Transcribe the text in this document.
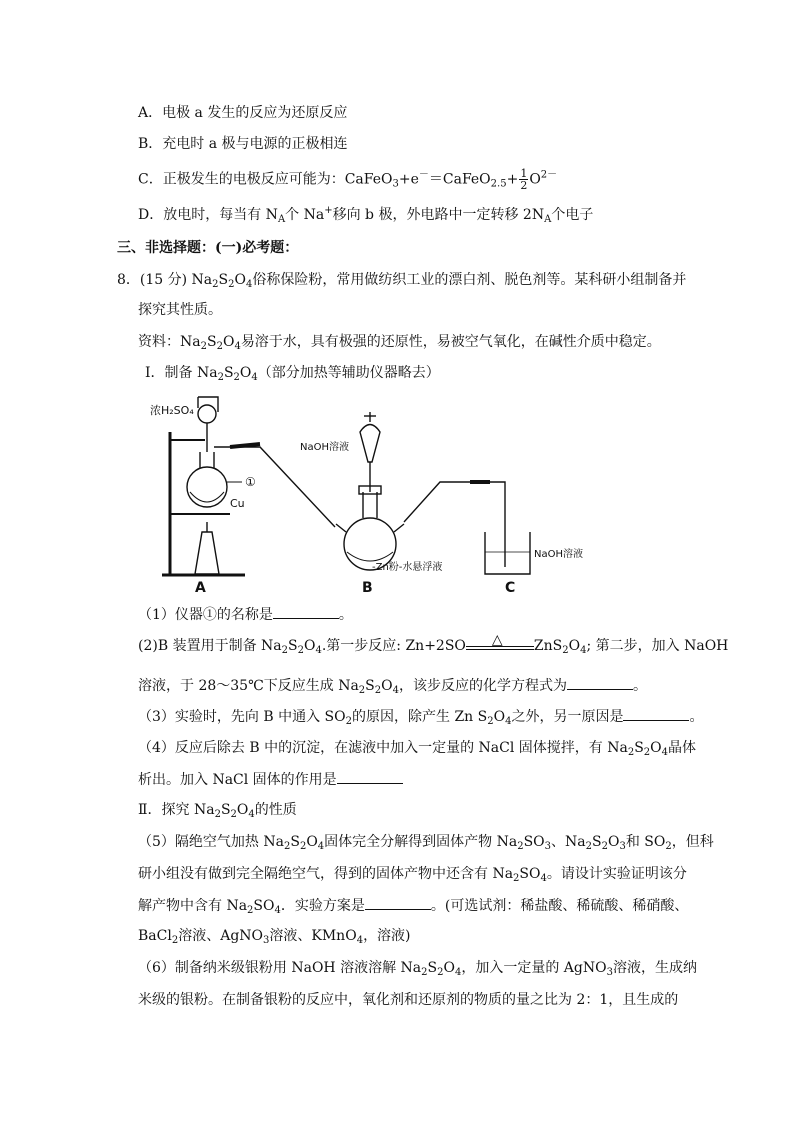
A．电极 a 发生的反应为还原反应
B．充电时 a 极与电源的正极相连
C．正极发生的电极反应可能为：CaFeO$_3$+e－＝CaFeO$_{2.5}$+ $\frac{1}{2} O^{2-}$
D．放电时，每当有 $N_A$个 Na+移向 b 极，外电路中一定转移 $2N_A$个电子
三、非选择题：(一)必考题：
8．(15 分) $Na_2S_2O_4$俗称保险粉，常用做纺织工业的漂白剂、脱色剂等。某科研小组制备并
探究其性质。
资料：$Na_2S_2O_4$易溶于水，具有极强的还原性，易被空气氧化，在碱性介质中稳定。
Ⅰ．制备 $Na_2S_2O_4$（部分加热等辅助仪器略去）
浓H₂SO₄
①
Cu
NaOH溶液
-Zn粉-水悬浮液
NaOH溶液
A	B	C
（1）仪器①的名称是	。
(2)B 装置用于制备 $Na_2S_2O_4$.第一步反应: Zn+2SO △ $ZnS_2O_4$; 第二步，加入 NaOH
溶液，于 28～35℃下反应生成 $Na_2S_2O_4$，该步反应的化学方程式为	。
（3）实验时，先向 B 中通入 $SO_2$的原因，除产生 Zn $S_2O_4$之外，另一原因是	。
（4）反应后除去 B 中的沉淀，在滤液中加入一定量的 NaCl 固体搅拌，有 $Na_2S_2O_4$晶体
析出。加入 NaCl 固体的作用是
Ⅱ．探究 $Na_2S_2O_4$的性质
（5）隔绝空气加热 $Na_2S_2O_4$固体完全分解得到固体产物 $Na_2SO_3$、$Na_2S_2O_3$和 $SO_2$，但科
研小组没有做到完全隔绝空气，得到的固体产物中还含有 $Na_2SO_4$。请设计实验证明该分
解产物中含有 $Na_2SO_4$．实验方案是	。(可选试剂：稀盐酸、稀硫酸、稀硝酸、
BaCl$_2$溶液、AgNO$_3$溶液、KMnO$_4$，溶液)
（6）制备纳米级银粉用 NaOH 溶液溶解 $Na_2S_2O_4$，加入一定量的 AgNO$_3$溶液，生成纳
米级的银粉。在制备银粉的反应中，氧化剂和还原剂的物质的量之比为 2：1，且生成的
